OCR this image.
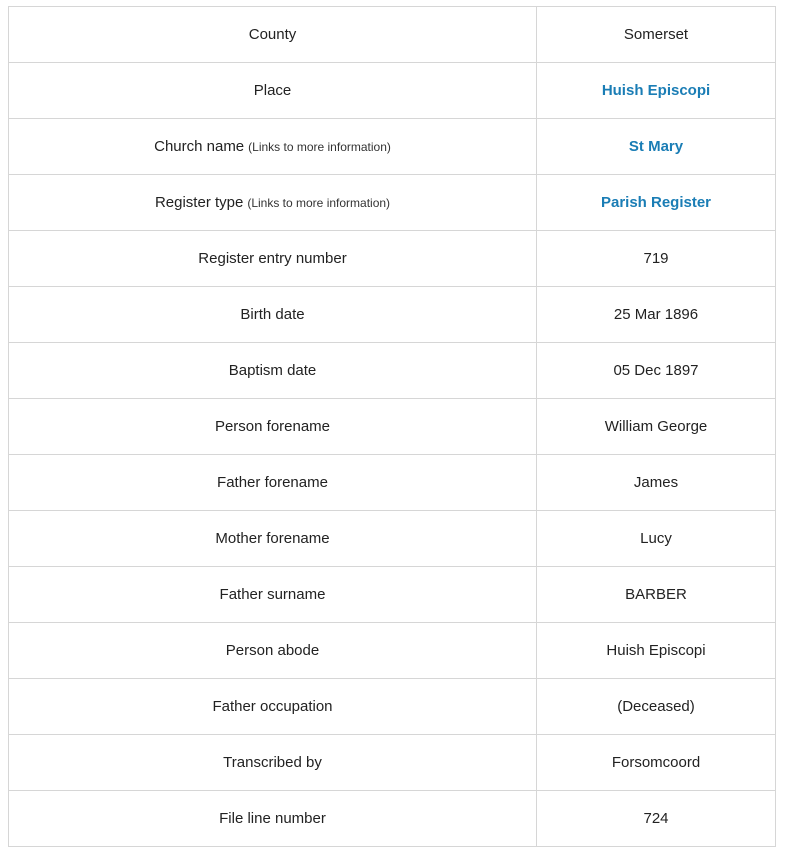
County	Somerset
Place	Huish Episcopi
Church name (Links to more information)	St Mary
Register type (Links to more information)	Parish Register
Register entry number	719
Birth date	25 Mar 1896
Baptism date	05 Dec 1897
Person forename	William George
Father forename	James
Mother forename	Lucy
Father surname	BARBER
Person abode	Huish Episcopi
Father occupation	(Deceased)
Transcribed by	Forsomcoord
File line number	724
